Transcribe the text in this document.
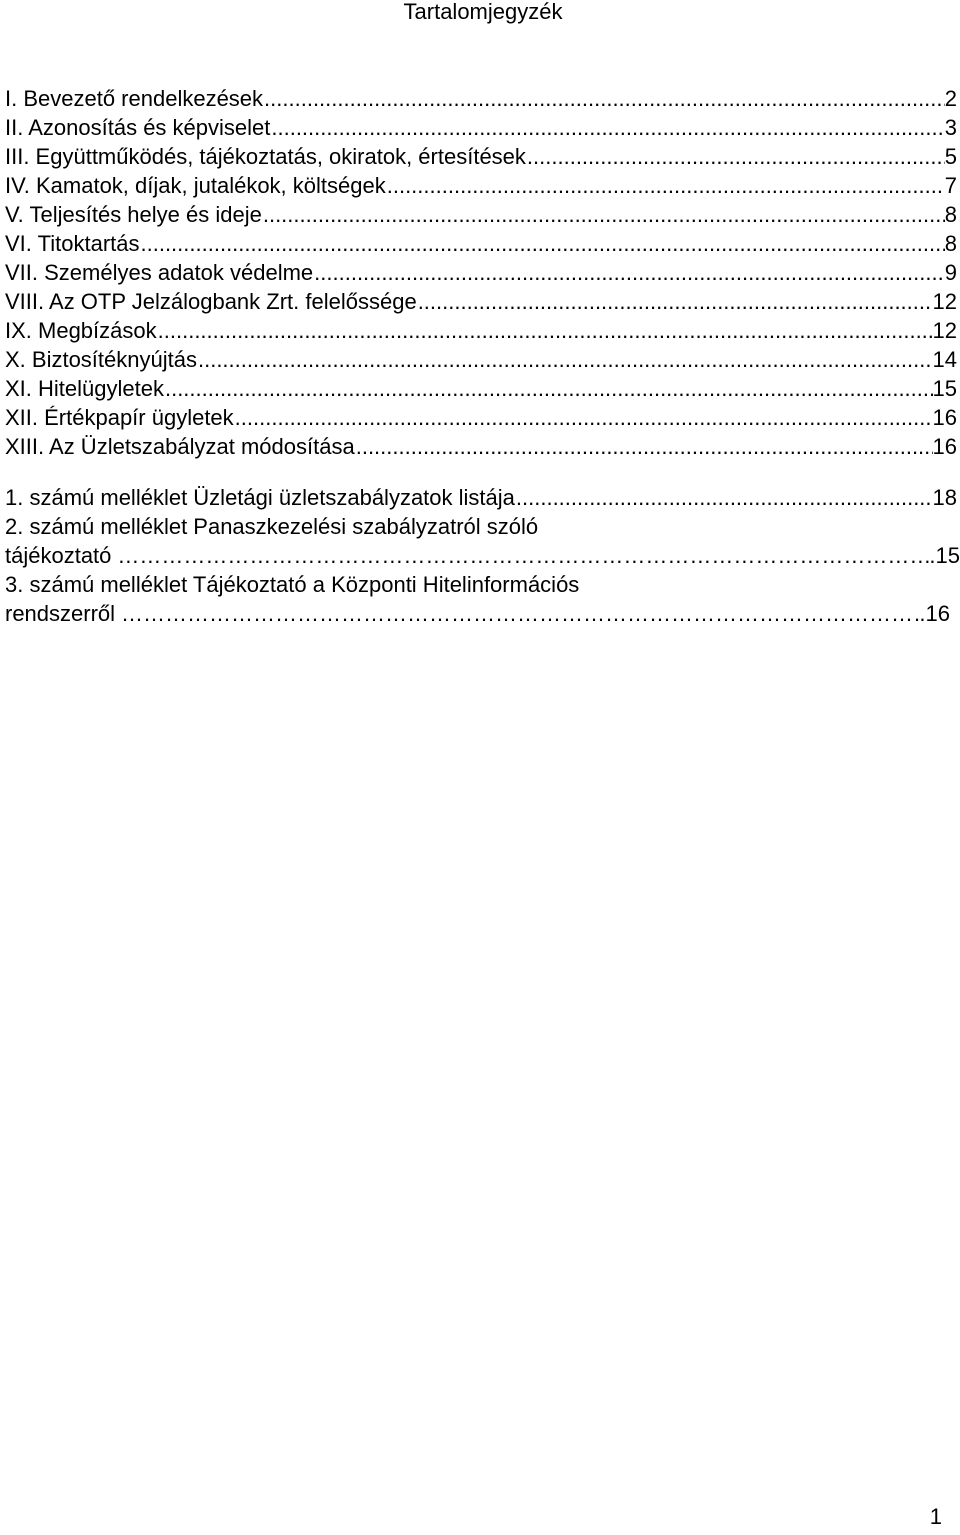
Tartalomjegyzék
I. Bevezető rendelkezések .....	2
II. Azonosítás és képviselet .....	3
III. Együttműködés, tájékoztatás, okiratok, értesítések .....	5
IV. Kamatok, díjak, jutalékok, költségek .....	7
V. Teljesítés helye és ideje .....	8
VI. Titoktartás .....	8
VII. Személyes adatok védelme .....	9
VIII. Az OTP Jelzálogbank Zrt. felelőssége .....	12
IX. Megbízások .....	12
X. Biztosítéknyújtás .....	14
XI. Hitelügyletek .....	15
XII. Értékpapír ügyletek .....	16
XIII. Az Üzletszabályzat módosítása .....	16
1. számú melléklet Üzletági üzletszabályzatok listája .....	18
2. számú melléklet Panaszkezelési szabályzatról szóló
tájékoztató ……………………………………………………………………………………………………………………………………	.15
3. számú melléklet Tájékoztató a Központi Hitelinformációs
rendszerről ……………………………………………………………………………………………………………………………………	.16
1
